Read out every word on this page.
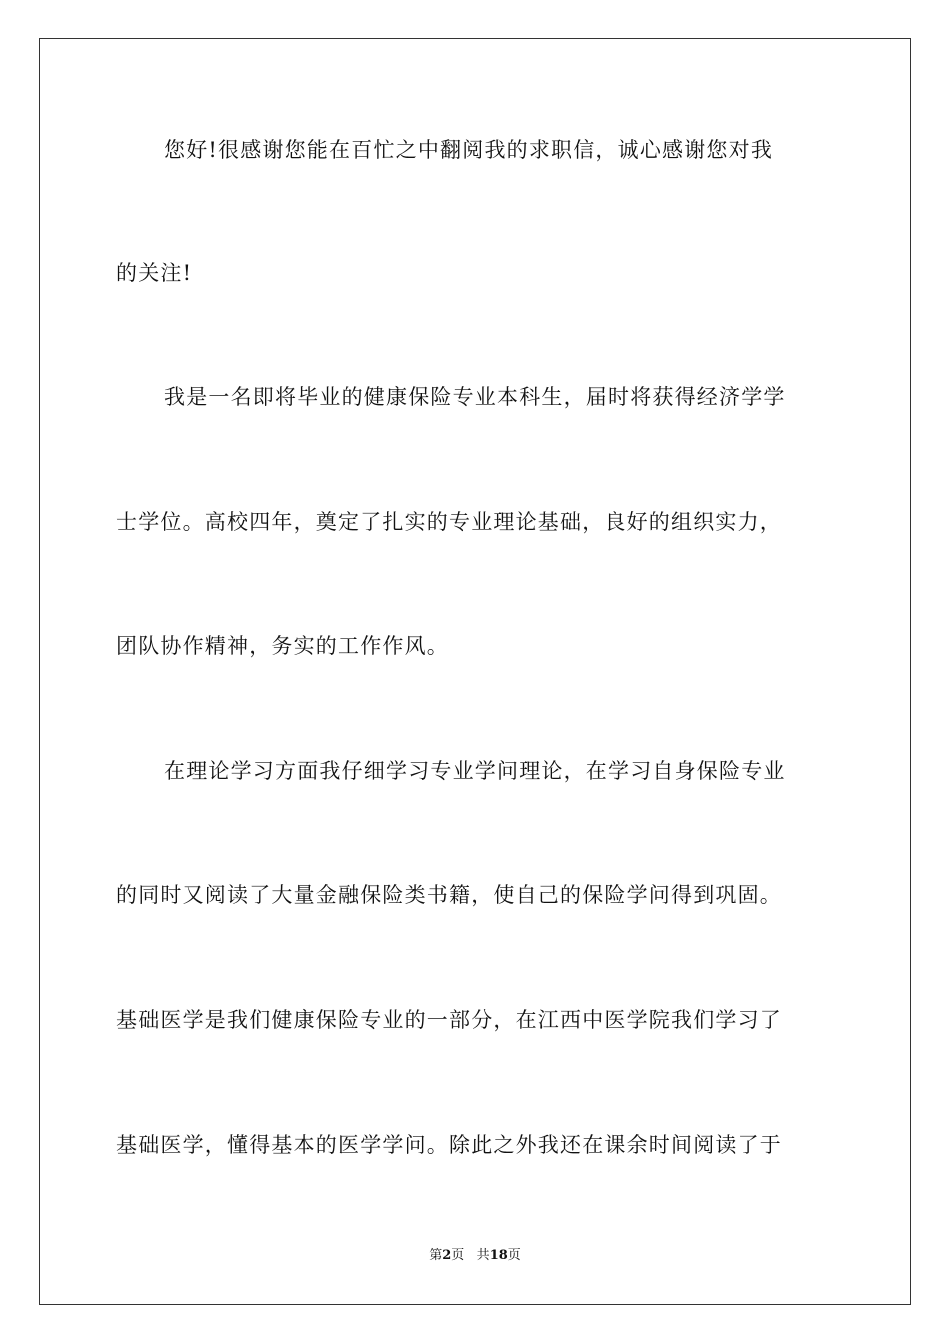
您好!很感谢您能在百忙之中翻阅我的求职信，诚心感谢您对我
的关注!
我是一名即将毕业的健康保险专业本科生，届时将获得经济学学
士学位。高校四年，奠定了扎实的专业理论基础，良好的组织实力，
团队协作精神，务实的工作作风。
在理论学习方面我仔细学习专业学问理论，在学习自身保险专业
的同时又阅读了大量金融保险类书籍，使自己的保险学问得到巩固。
基础医学是我们健康保险专业的一部分，在江西中医学院我们学习了
基础医学，懂得基本的医学学问。除此之外我还在课余时间阅读了于
第2页 共18页
